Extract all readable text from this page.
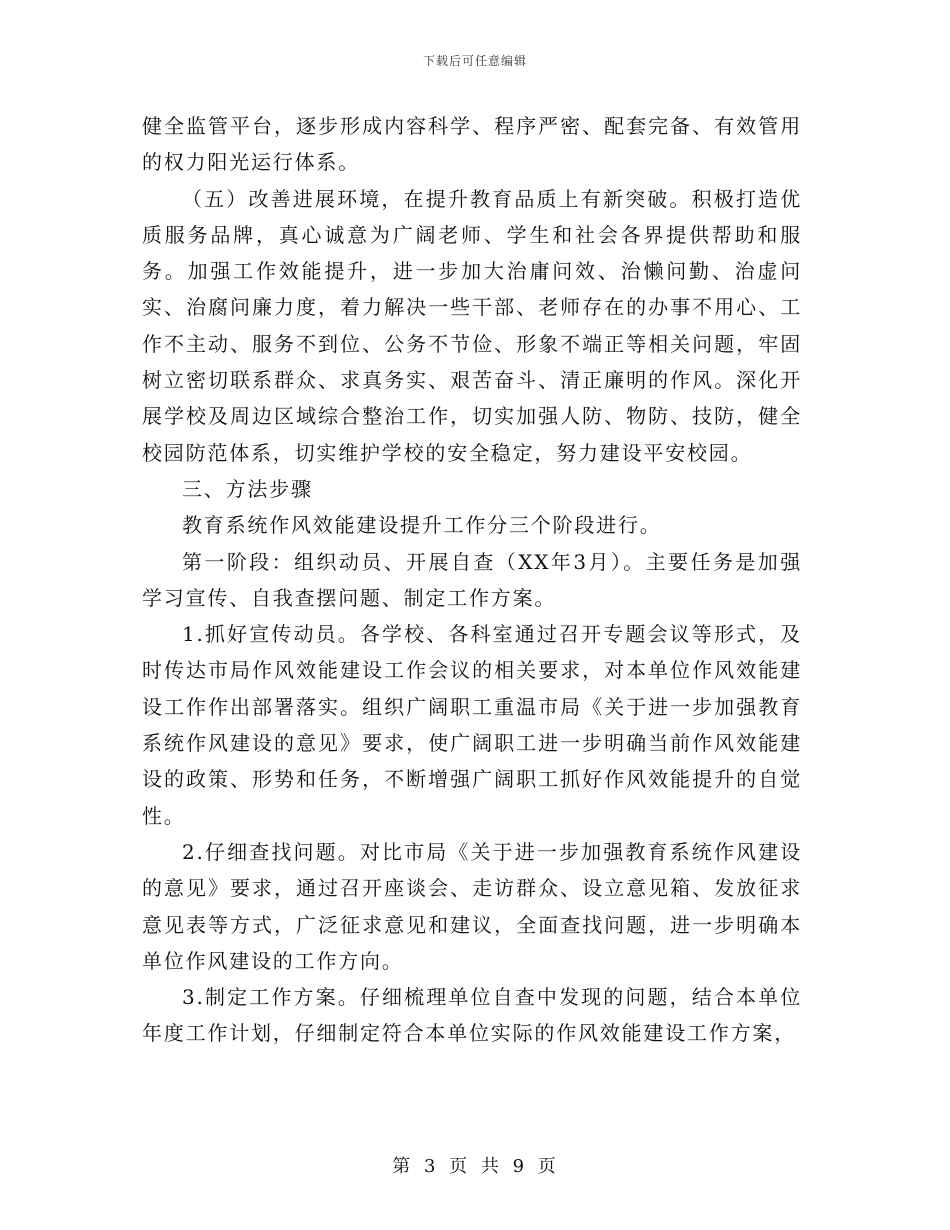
下载后可任意编辑

健全监管平台，逐步形成内容科学、程序严密、配套完备、有效管用的权力阳光运行体系。

（五）改善进展环境，在提升教育品质上有新突破。积极打造优质服务品牌，真心诚意为广阔老师、学生和社会各界提供帮助和服务。加强工作效能提升，进一步加大治庸问效、治懒问勤、治虚问实、治腐问廉力度，着力解决一些干部、老师存在的办事不用心、工作不主动、服务不到位、公务不节俭、形象不端正等相关问题，牢固树立密切联系群众、求真务实、艰苦奋斗、清正廉明的作风。深化开展学校及周边区域综合整治工作，切实加强人防、物防、技防，健全校园防范体系，切实维护学校的安全稳定，努力建设平安校园。

三、方法步骤

教育系统作风效能建设提升工作分三个阶段进行。

第一阶段：组织动员、开展自查（XX年3月）。主要任务是加强学习宣传、自我查摆问题、制定工作方案。

1.抓好宣传动员。各学校、各科室通过召开专题会议等形式，及时传达市局作风效能建设工作会议的相关要求，对本单位作风效能建设工作作出部署落实。组织广阔职工重温市局《关于进一步加强教育系统作风建设的意见》要求，使广阔职工进一步明确当前作风效能建设的政策、形势和任务，不断增强广阔职工抓好作风效能提升的自觉性。

2.仔细查找问题。对比市局《关于进一步加强教育系统作风建设的意见》要求，通过召开座谈会、走访群众、设立意见箱、发放征求意见表等方式，广泛征求意见和建议，全面查找问题，进一步明确本单位作风建设的工作方向。

3.制定工作方案。仔细梳理单位自查中发现的问题，结合本单位年度工作计划，仔细制定符合本单位实际的作风效能建设工作方案，

第 3 页 共 9 页
